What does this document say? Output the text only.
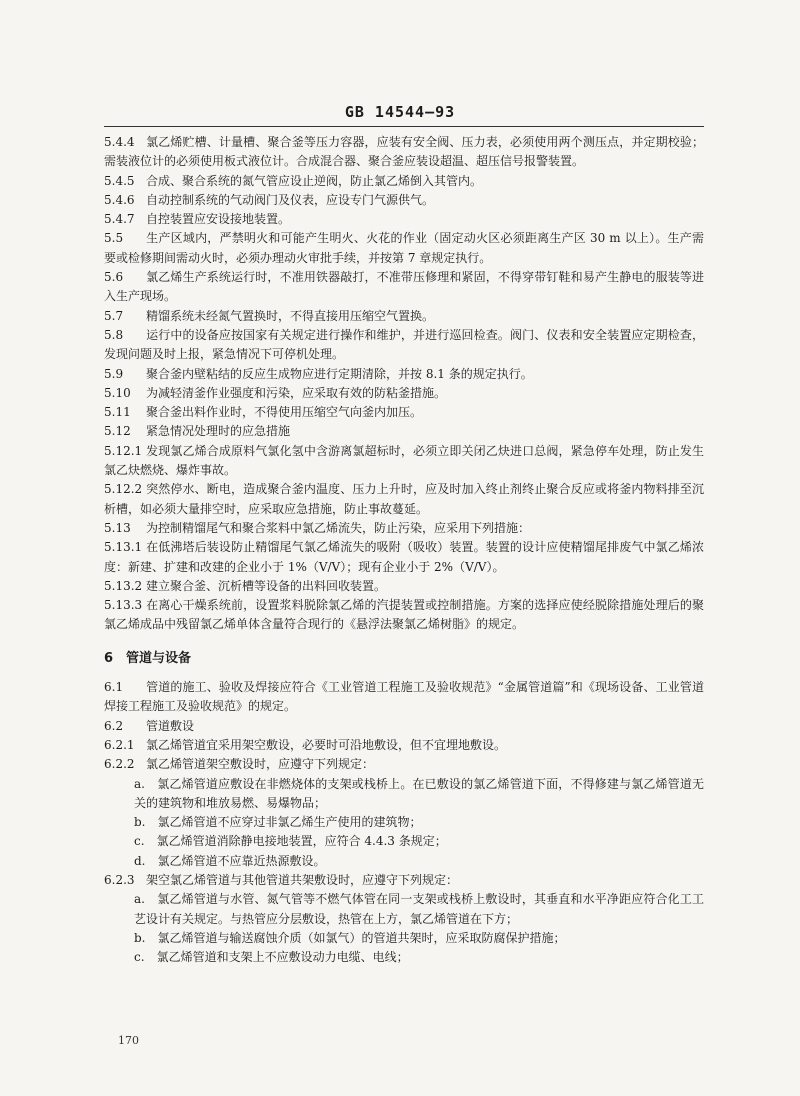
GB 14544—93

5.4.4 氯乙烯贮槽、计量槽、聚合釜等压力容器，应装有安全阀、压力表，必须使用两个测压点，并定期校验；需装液位计的必须使用板式液位计。合成混合器、聚合釜应装设超温、超压信号报警装置。

5.4.5 合成、聚合系统的氮气管应设止逆阀，防止氯乙烯倒入其管内。

5.4.6 自动控制系统的气动阀门及仪表，应设专门气源供气。

5.4.7 自控装置应安设接地装置。

5.5 生产区域内，严禁明火和可能产生明火、火花的作业（固定动火区必须距离生产区 30 m 以上）。生产需要或检修期间需动火时，必须办理动火审批手续，并按第 7 章规定执行。

5.6 氯乙烯生产系统运行时，不准用铁器敲打，不准带压修理和紧固，不得穿带钉鞋和易产生静电的服装等进入生产现场。

5.7 精馏系统未经氮气置换时，不得直接用压缩空气置换。

5.8 运行中的设备应按国家有关规定进行操作和维护，并进行巡回检查。阀门、仪表和安全装置应定期检查，发现问题及时上报，紧急情况下可停机处理。

5.9 聚合釜内壁粘结的反应生成物应进行定期清除，并按 8.1 条的规定执行。

5.10 为减轻清釜作业强度和污染，应采取有效的防粘釜措施。

5.11 聚合釜出料作业时，不得使用压缩空气向釜内加压。

5.12 紧急情况处理时的应急措施

5.12.1 发现氯乙烯合成原料气氯化氢中含游离氯超标时，必须立即关闭乙炔进口总阀，紧急停车处理，防止发生氯乙炔燃烧、爆炸事故。

5.12.2 突然停水、断电，造成聚合釜内温度、压力上升时，应及时加入终止剂终止聚合反应或将釜内物料排至沉析槽，如必须大量排空时，应采取应急措施，防止事故蔓延。

5.13 为控制精馏尾气和聚合浆料中氯乙烯流失，防止污染，应采用下列措施：

5.13.1 在低沸塔后装设防止精馏尾气氯乙烯流失的吸附（吸收）装置。装置的设计应使精馏尾排废气中氯乙烯浓度：新建、扩建和改建的企业小于 1%（V/V）；现有企业小于 2%（V/V）。

5.13.2 建立聚合釜、沉析槽等设备的出料回收装置。

5.13.3 在离心干燥系统前，设置浆料脱除氯乙烯的汽提装置或控制措施。方案的选择应使经脱除措施处理后的聚氯乙烯成品中残留氯乙烯单体含量符合现行的《悬浮法聚氯乙烯树脂》的规定。

6　管道与设备

6.1 管道的施工、验收及焊接应符合《工业管道工程施工及验收规范》“金属管道篇”和《现场设备、工业管道焊接工程施工及验收规范》的规定。

6.2 管道敷设

6.2.1 氯乙烯管道宜采用架空敷设，必要时可沿地敷设，但不宜埋地敷设。

6.2.2 氯乙烯管道架空敷设时，应遵守下列规定：

a.　 氯乙烯管道应敷设在非燃烧体的支架或栈桥上。在已敷设的氯乙烯管道下面，不得修建与氯乙烯管道无关的建筑物和堆放易燃、易爆物品；

b.　 氯乙烯管道不应穿过非氯乙烯生产使用的建筑物；

c.　 氯乙烯管道消除静电接地装置，应符合 4.4.3 条规定；

d.　 氯乙烯管道不应靠近热源敷设。

6.2.3 架空氯乙烯管道与其他管道共架敷设时，应遵守下列规定：

a.　 氯乙烯管道与水管、氮气管等不燃气体管在同一支架或栈桥上敷设时，其垂直和水平净距应符合化工工艺设计有关规定。与热管应分层敷设，热管在上方，氯乙烯管道在下方；

b.　 氯乙烯管道与输送腐蚀介质（如氯气）的管道共架时，应采取防腐保护措施；

c.　 氯乙烯管道和支架上不应敷设动力电缆、电线；

170
